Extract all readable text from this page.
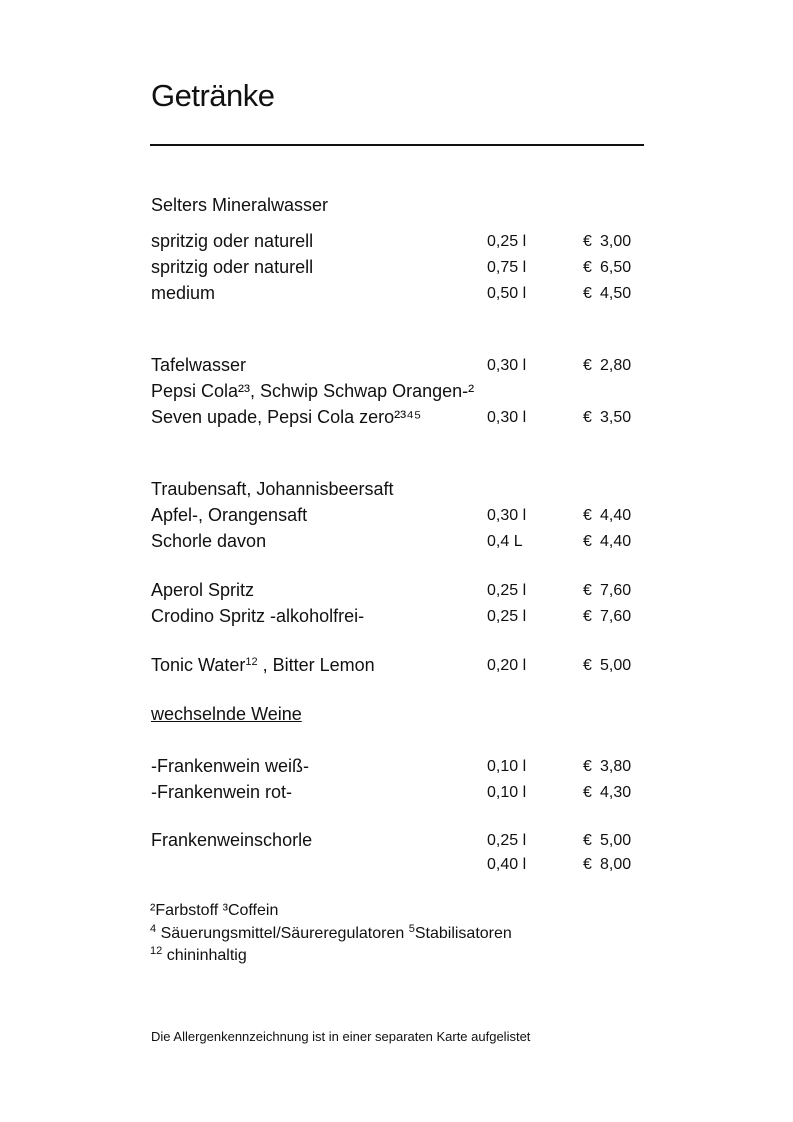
Getränke
Selters Mineralwasser
spritzig oder naturell	0,25 l	€ 3,00
spritzig oder naturell	0,75 l	€ 6,50
medium	0,50 l	€ 4,50
Tafelwasser	0,30 l	€ 2,80
Pepsi Cola²³, Schwip Schwap Orangen-²
Seven upade, Pepsi Cola zero²³⁴⁵	0,30 l	€ 3,50
Traubensaft, Johannisbeersaft
Apfel-, Orangensaft	0,30 l	€ 4,40
Schorle davon	0,4 L	€ 4,40
Aperol Spritz	0,25 l	€ 7,60
Crodino Spritz -alkoholfrei-	0,25 l	€ 7,60
Tonic Water$^{12}$ , Bitter Lemon	0,20 l	€ 5,00
wechselnde Weine
-Frankenwein weiß-	0,10 l	€ 3,80
-Frankenwein rot-	0,10 l	€ 4,30
Frankenweinschorle	0,25 l	€ 5,00
0,40 l	€ 8,00
²Farbstoff ³Coffein
$^4$ Säuerungsmittel/Säureregulatoren $^5$Stabilisatoren
$^{12}$ chininhaltig
Die Allergenkennzeichnung ist in einer separaten Karte aufgelistet
